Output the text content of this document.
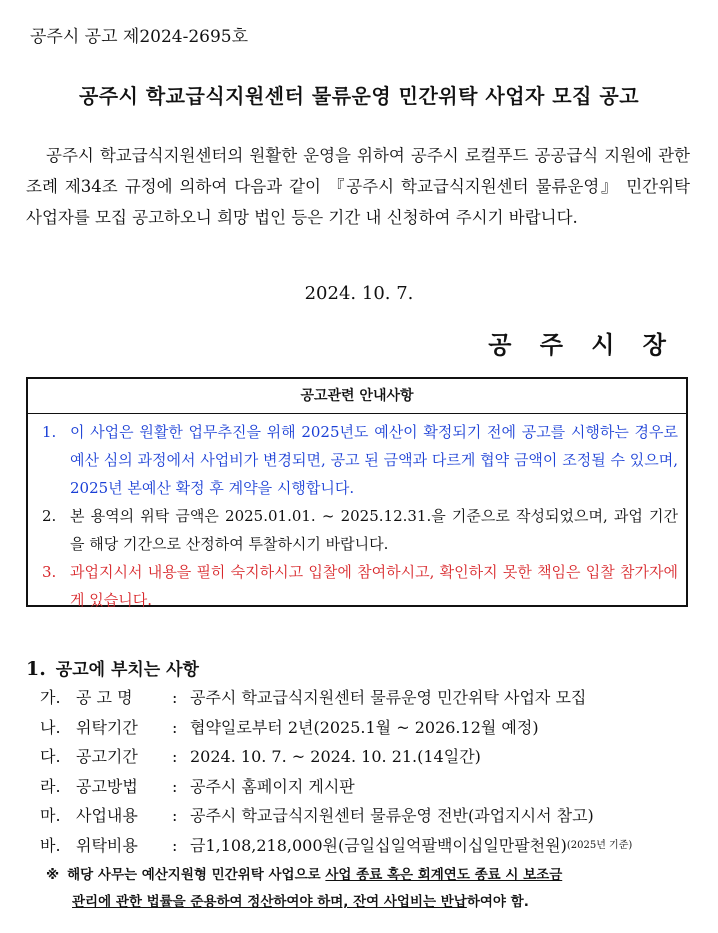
공주시 공고 제2024-2695호
공주시 학교급식지원센터 물류운영 민간위탁 사업자 모집 공고

공주시 학교급식지원센터의 원활한 운영을 위하여 공주시 로컬푸드 공공급식 지원에 관한 조례 제34조 규정에 의하여 다음과 같이 『공주시 학교급식지원센터 물류운영』 민간위탁 사업자를 모집 공고하오니 희망 법인 등은 기간 내 신청하여 주시기 바랍니다.

2024. 10. 7.
공 주 시 장
공고관련 안내사항
1. 이 사업은 원활한 업무추진을 위해 2025년도 예산이 확정되기 전에 공고를 시행하는 경우로 예산 심의 과정에서 사업비가 변경되면, 공고 된 금액과 다르게 협약 금액이 조정될 수 있으며, 2025년 본예산 확정 후 계약을 시행합니다.
2. 본 용역의 위탁 금액은 2025.01.01. ~ 2025.12.31.을 기준으로 작성되었으며, 과업 기간을 해당 기간으로 산정하여 투찰하시기 바랍니다.
3. 과업지시서 내용을 필히 숙지하시고 입찰에 참여하시고, 확인하지 못한 책임은 입찰 참가자에게 있습니다.
1. 공고에 부치는 사항
가. 공 고 명	: 공주시 학교급식지원센터 물류운영 민간위탁 사업자 모집
나. 위탁기간	: 협약일로부터 2년(2025.1월 ~ 2026.12월 예정)
다. 공고기간	: 2024. 10. 7. ~ 2024. 10. 21.(14일간)
라. 공고방법	: 공주시 홈페이지 게시판
마. 사업내용	: 공주시 학교급식지원센터 물류운영 전반(과업지시서 참고)
바. 위탁비용	: 금1,108,218,000원(금일십일억팔백이십일만팔천원) (2025년 기준)
※ 해당 사무는 예산지원형 민간위탁 사업으로 사업 종료 혹은 회계연도 종료 시 보조금
관리에 관한 법률을 준용하여 정산하여야 하며, 잔여 사업비는 반납하여야 함.
